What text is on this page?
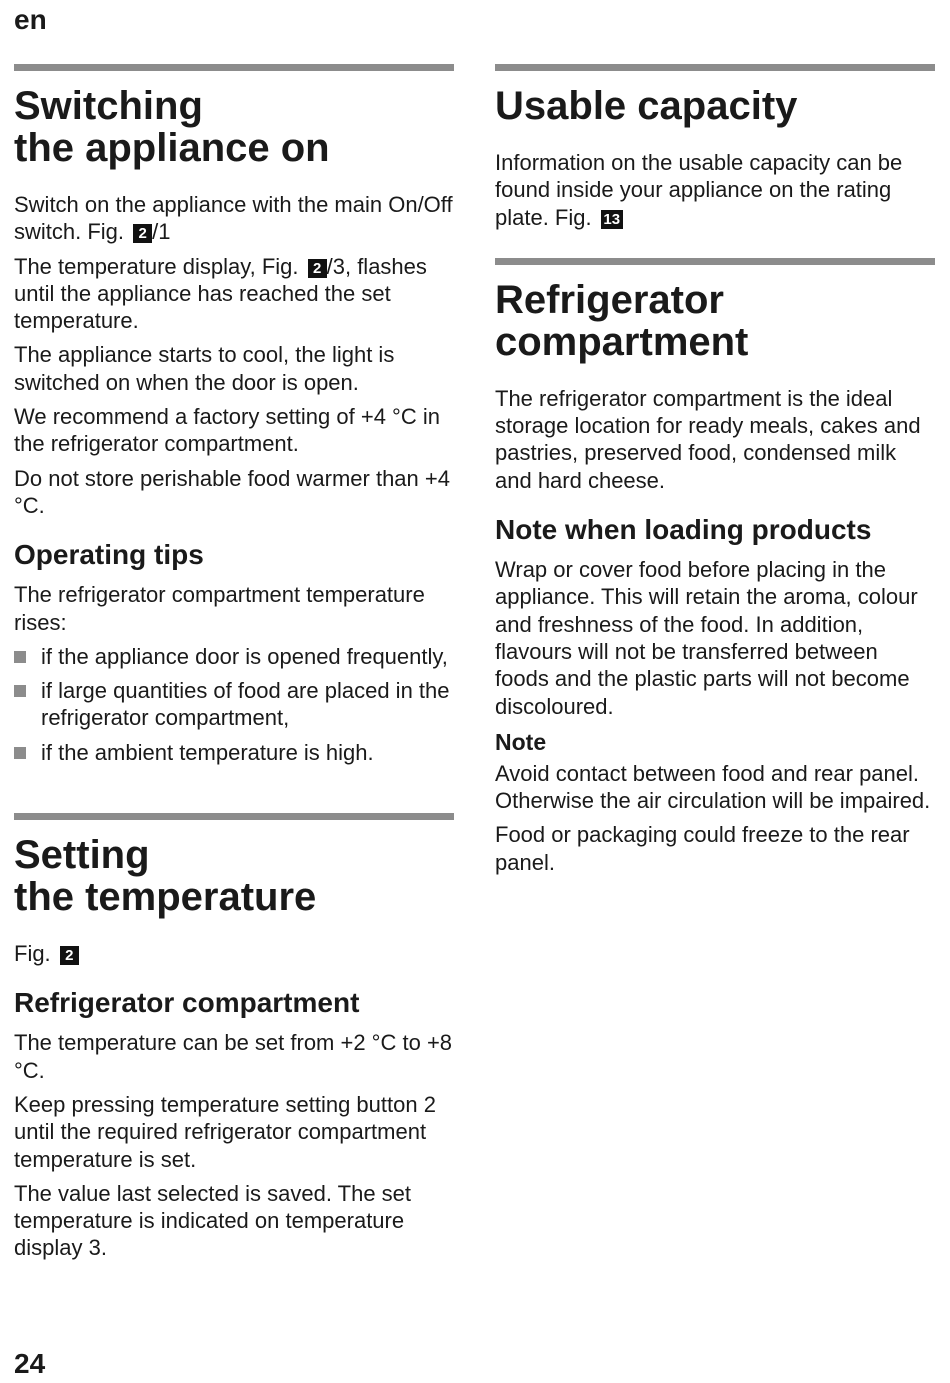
en
Switching
the appliance on

Switch on the appliance with the main On/Off switch. Fig. 2 /1

The temperature display, Fig. 2 /3, flashes until the appliance has reached the set temperature.

The appliance starts to cool, the light is switched on when the door is open.

We recommend a factory setting of +4 °C in the refrigerator compartment.

Do not store perishable food warmer than +4 °C.

Operating tips

The refrigerator compartment temperature rises:

if the appliance door is opened frequently,
if large quantities of food are placed in the refrigerator compartment,
if the ambient temperature is high.
Setting
the temperature

Fig. 2

Refrigerator compartment

The temperature can be set from +2 °C to +8 °C.

Keep pressing temperature setting button 2 until the required refrigerator compartment temperature is set.

The value last selected is saved. The set temperature is indicated on temperature display 3.

Usable capacity

Information on the usable capacity can be found inside your appliance on the rating plate. Fig. 13

Refrigerator
compartment

The refrigerator compartment is the ideal storage location for ready meals, cakes and pastries, preserved food, condensed milk and hard cheese.

Note when loading products

Wrap or cover food before placing in the appliance. This will retain the aroma, colour and freshness of the food. In addition, flavours will not be transferred between foods and the plastic parts will not become discoloured.

Note

Avoid contact between food and rear panel. Otherwise the air circulation will be impaired.

Food or packaging could freeze to the rear panel.

24
